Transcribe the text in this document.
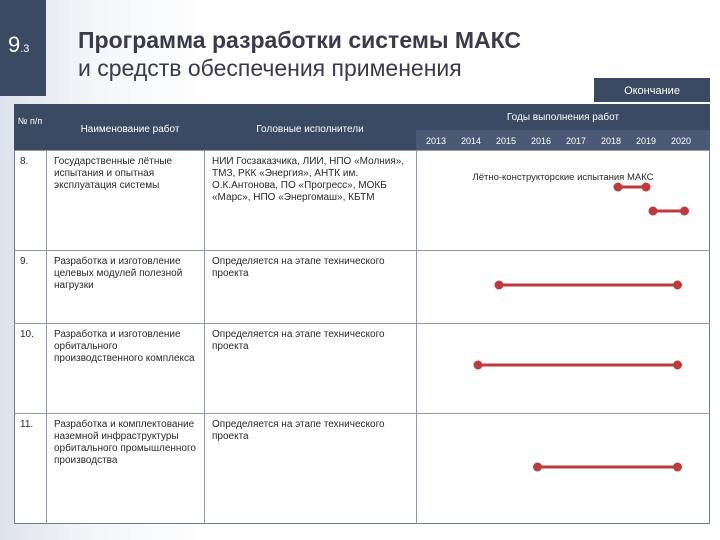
9.3 Программа разработки системы МАКС
и средств обеспечения применения
Окончание
№ п/п
Наименование работ	Головные исполнители
Годы выполнения работ
2013	2014	2015	2016	2017	2018	2019	2020
8.	Государственные лётные испытания и опытная эксплуатация системы
НИИ Госзаказчика, ЛИИ, НПО «Молния», ТМЗ, РКК «Энергия», АНТК им. О.К.Антонова, ПО «Прогресс», МОКБ «Марс», НПО «Энергомаш», КБТМ
Лётно-конструкторские испытания МАКС
9.	Разработка и изготовление целевых модулей полезной нагрузки
Определяется на этапе технического проекта
10.	Разработка и изготовление орбитального производственного комплекса
Определяется на этапе технического проекта
11.	Разработка и комплектование наземной инфраструктуры орбитального промышленного производства
Определяется на этапе технического проекта
